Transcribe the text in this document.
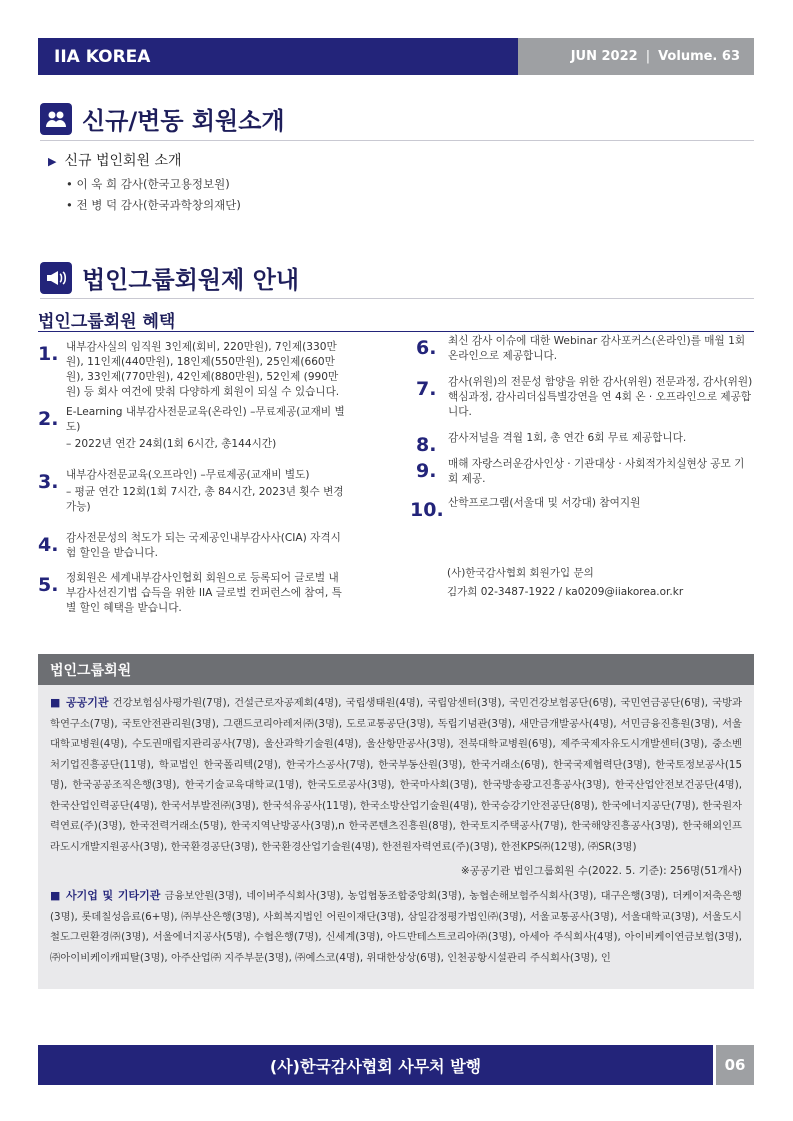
IIA KOREA	JUN 2022 | Volume. 63
신규/변동 회원소개
▶ 신규 법인회원 소개
• 이 욱 희 감사(한국고용정보원)
• 전 병 덕 감사(한국과학창의재단)
법인그룹회원제 안내
법인그룹회원 혜택
1. 내부감사실의 임직원 3인제(회비, 220만원), 7인제(330만원), 11인제(440만원), 18인제(550만원), 25인제(660만원), 33인제(770만원), 42인제(880만원), 52인제 (990만원) 등 회사 여건에 맞춰 다양하게 회원이 되실 수 있습니다.
2. E-Learning 내부감사전문교육(온라인) –무료제공(교재비 별도)
– 2022년 연간 24회(1회 6시간, 총144시간)
3. 내부감사전문교육(오프라인) –무료제공(교재비 별도)
– 평균 연간 12회(1회 7시간, 총 84시간, 2023년 횟수 변경 가능)
4. 감사전문성의 척도가 되는 국제공인내부감사사(CIA) 자격시험 할인을 받습니다.
5. 정회원은 세계내부감사인협회 회원으로 등록되어 글로벌 내부감사선진기법 습득을 위한 IIA 글로벌 컨퍼런스에 참여, 특별 할인 혜택을 받습니다.
6.	최신 감사 이슈에 대한 Webinar 감사포커스(온라인)를 매월 1회 온라인으로 제공합니다.
7.	감사(위원)의 전문성 함양을 위한 감사(위원) 전문과정, 감사(위원) 핵심과정, 감사리더십특별강연을 연 4회 온 · 오프라인으로 제공합니다.
8.	감사저널을 격월 1회, 총 연간 6회 무료 제공합니다.
9.	매해 자랑스러운감사인상 · 기관대상 · 사회적가치실현상 공모 기회 제공.
10. 산학프로그램(서울대 및 서강대) 참여지원
(사)한국감사협회 회원가입 문의
김가희 02-3487-1922 / ka0209@iiakorea.or.kr
법인그룹회원

■ 공공기관 건강보험심사평가원(7명), 건설근로자공제회(4명), 국립생태원(4명), 국립암센터(3명), 국민건강보험공단(6명), 국민연금공단(6명), 국방과학연구소(7명), 국토안전관리원(3명), 그랜드코리아레저㈜(3명), 도로교통공단(3명), 독립기념관(3명), 새만금개발공사(4명), 서민금융진흥원(3명), 서울대학교병원(4명), 수도권매립지관리공사(7명), 울산과학기술원(4명), 울산항만공사(3명), 전북대학교병원(6명), 제주국제자유도시개발센터(3명), 중소벤처기업진흥공단(11명), 학교법인 한국폴리텍(2명), 한국가스공사(7명), 한국부동산원(3명), 한국거래소(6명), 한국국제협력단(3명), 한국토정보공사(15명), 한국공공조직은행(3명), 한국기술교육대학교(1명), 한국도로공사(3명), 한국마사회(3명), 한국방송광고진흥공사(3명), 한국산업안전보건공단(4명), 한국산업인력공단(4명), 한국서부발전㈜(3명), 한국석유공사(11명), 한국소방산업기술원(4명), 한국승강기안전공단(8명), 한국에너지공단(7명), 한국원자력연료(주)(3명), 한국전력거래소(5명), 한국지역난방공사(3명),n 한국콘텐츠진흥원(8명), 한국토지주택공사(7명), 한국해양진흥공사(3명), 한국해외인프라도시개발지원공사(3명), 한국환경공단(3명), 한국환경산업기술원(4명), 한전원자력연료(주)(3명), 한전KPS㈜(12명), ㈜SR(3명)

※공공기관 법인그룹회원 수(2022. 5. 기준): 256명(51개사)

■ 사기업 및 기타기관 금융보안원(3명), 네이버주식회사(3명), 농업협동조합중앙회(3명), 농협손해보험주식회사(3명), 대구은행(3명), 더케이저축은행(3명), 롯데칠성음료(6+명), ㈜부산은행(3명), 사회복지법인 어린이재단(3명), 삼일감정평가법인㈜(3명), 서울교통공사(3명), 서울대학교(3명), 서울도시철도그린환경㈜(3명), 서울에너지공사(5명), 수협은행(7명), 신세계(3명), 아드반테스트코리아㈜(3명), 아세아 주식회사(4명), 아이비케이연금보험(3명), ㈜아이비케이캐피탈(3명), 아주산업㈜ 지주부문(3명), ㈜예스코(4명), 위대한상상(6명), 인천공항시설관리 주식회사(3명), 인

(사)한국감사협회 사무처 발행	06
